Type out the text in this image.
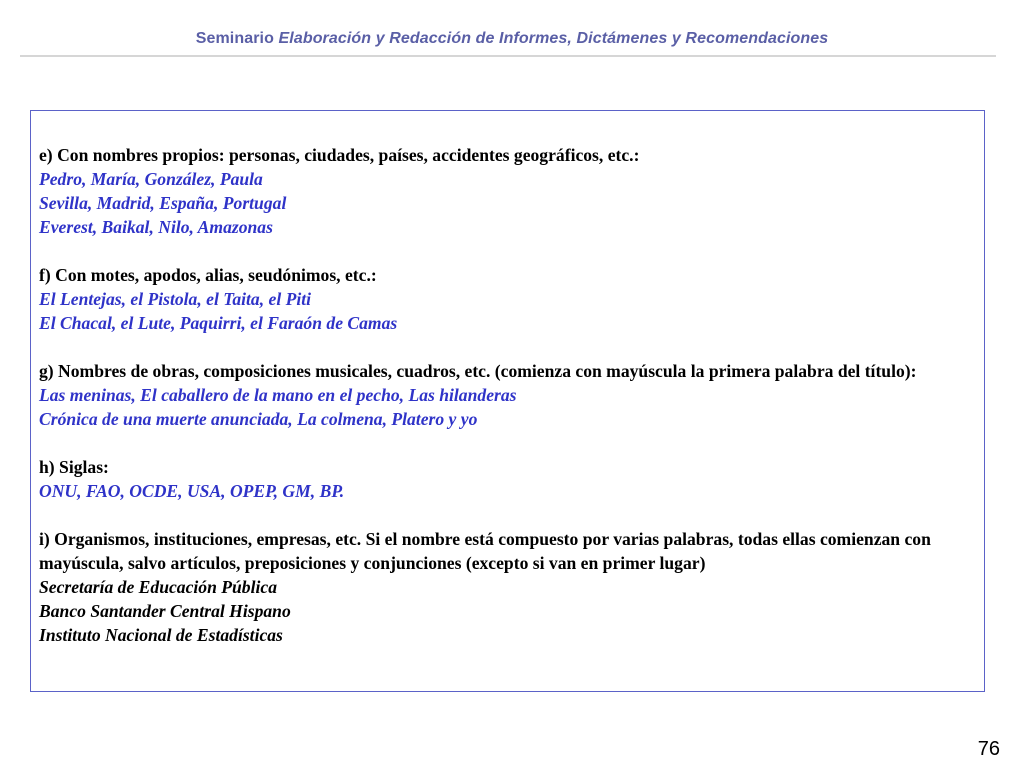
Seminario Elaboración y Redacción de Informes, Dictámenes y Recomendaciones
e) Con nombres propios: personas, ciudades, países, accidentes geográficos, etc.:
Pedro, María, González, Paula
Sevilla, Madrid, España, Portugal
Everest, Baikal, Nilo, Amazonas
f) Con motes, apodos, alias, seudónimos, etc.:
El Lentejas, el Pistola, el Taita, el Piti
El Chacal, el Lute, Paquirri, el Faraón de Camas
g) Nombres de obras, composiciones musicales, cuadros, etc. (comienza con mayúscula la primera palabra del título):
Las meninas, El caballero de la mano en el pecho, Las hilanderas
Crónica de una muerte anunciada, La colmena, Platero y yo
h) Siglas:
ONU, FAO, OCDE, USA, OPEP, GM, BP.
i) Organismos, instituciones, empresas, etc. Si el nombre está compuesto por varias palabras, todas ellas comienzan con mayúscula, salvo artículos, preposiciones y conjunciones (excepto si van en primer lugar)
Secretaría de Educación Pública
Banco Santander Central Hispano
Instituto Nacional de Estadísticas
76
